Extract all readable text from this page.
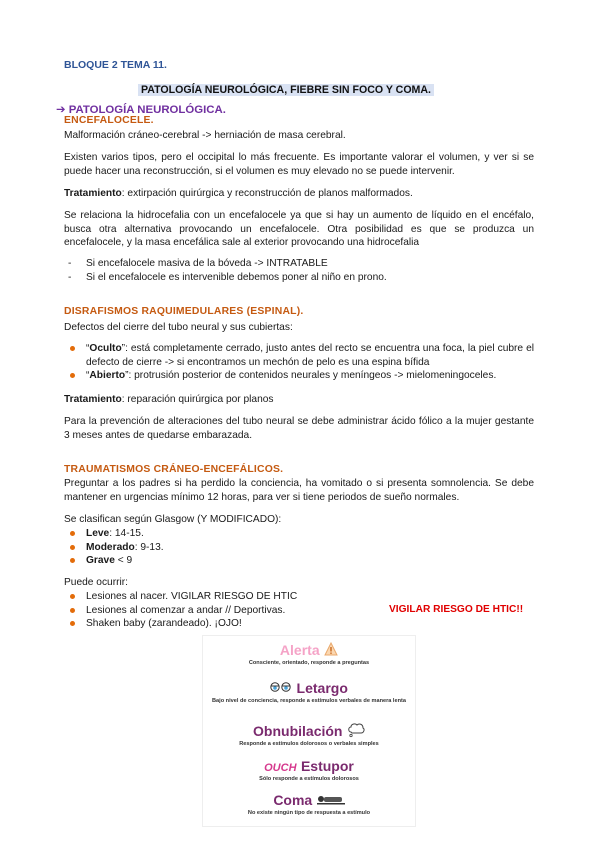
BLOQUE 2 TEMA 11.
PATOLOGÍA NEUROLÓGICA, FIEBRE SIN FOCO Y COMA.
➔ PATOLOGÍA NEUROLÓGICA.
ENCEFALOCELE.
Malformación cráneo-cerebral -> herniación de masa cerebral.
Existen varios tipos, pero el occipital lo más frecuente. Es importante valorar el volumen, y ver si se puede hacer una reconstrucción, si el volumen es muy elevado no se puede intervenir.
Tratamiento: extirpación quirúrgica y reconstrucción de planos malformados.
Se relaciona la hidrocefalia con un encefalocele ya que si hay un aumento de líquido en el encéfalo, busca otra alternativa provocando un encefalocele. Otra posibilidad es que se produzca un encefalocele, y la masa encefálica sale al exterior provocando una hidrocefalia
- Si encefalocele masiva de la bóveda -> INTRATABLE
- Si el encefalocele es intervenible debemos poner al niño en prono.
DISRAFISMOS RAQUIMEDULARES (ESPINAL).
Defectos del cierre del tubo neural y sus cubiertas:
“Oculto”: está completamente cerrado, justo antes del recto se encuentra una foca, la piel cubre el defecto de cierre -> si encontramos un mechón de pelo es una espina bífida
“Abierto”: protrusión posterior de contenidos neurales y meníngeos -> mielomeningoceles.
Tratamiento: reparación quirúrgica por planos
Para la prevención de alteraciones del tubo neural se debe administrar ácido fólico a la mujer gestante 3 meses antes de quedarse embarazada.
TRAUMATISMOS CRÁNEO-ENCEFÁLICOS.
Preguntar a los padres si ha perdido la conciencia, ha vomitado o si presenta somnolencia. Se debe mantener en urgencias mínimo 12 horas, para ver si tiene periodos de sueño normales.
Se clasifican según Glasgow (Y MODIFICADO):
Leve: 14-15.
Moderado: 9-13.
Grave < 9
Puede ocurrir:
Lesiones al nacer. VIGILAR RIESGO DE HTIC
Lesiones al comenzar a andar // Deportivas.
Shaken baby (zarandeado). ¡OJO!
VIGILAR RIESGO DE HTIC!!
Alerta
Consciente, orientado, responde a preguntas
Letargo
Bajo nivel de conciencia, responde a estímulos verbales de manera lenta
Obnubilación
Responde a estímulos dolorosos o verbales simples
OUCH Estupor
Sólo responde a estímulos dolorosos
Coma
No existe ningún tipo de respuesta a estímulo
